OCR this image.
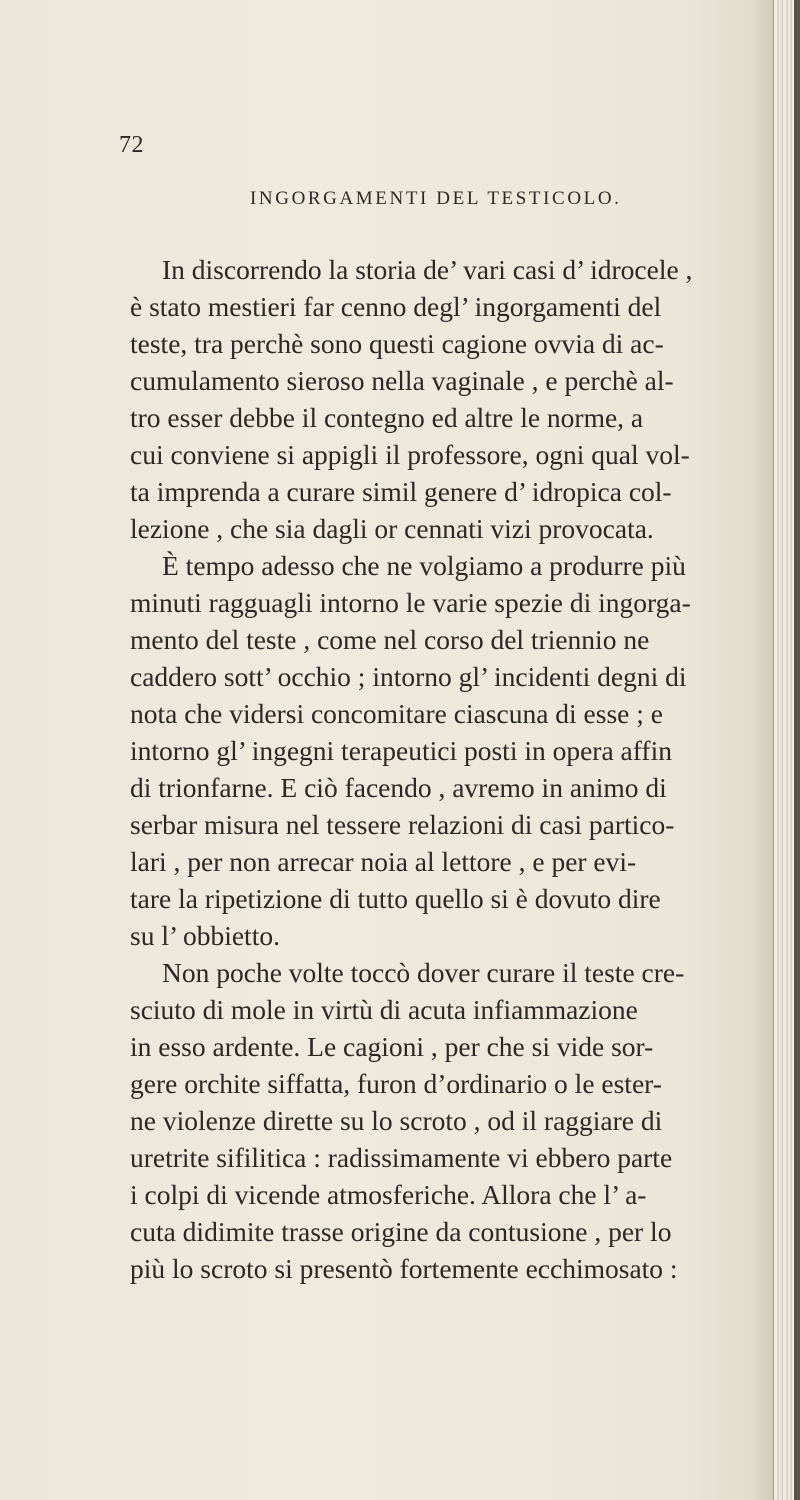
72
INGORGAMENTI DEL TESTICOLO.
In discorrendo la storia de’ vari casi d’ idrocele ,
è stato mestieri far cenno degl’ ingorgamenti del
teste, tra perchè sono questi cagione ovvia di ac-
cumulamento sieroso nella vaginale , e perchè al-
tro esser debbe il contegno ed altre le norme, a
cui conviene si appigli il professore, ogni qual vol-
ta imprenda a curare simil genere d’ idropica col-
lezione , che sia dagli or cennati vizi provocata.
È tempo adesso che ne volgiamo a produrre più
minuti ragguagli intorno le varie spezie di ingorga-
mento del teste , come nel corso del triennio ne
caddero sott’ occhio ; intorno gl’ incidenti degni di
nota che vidersi concomitare ciascuna di esse ; e
intorno gl’ ingegni terapeutici posti in opera affin
di trionfarne. E ciò facendo , avremo in animo di
serbar misura nel tessere relazioni di casi partico-
lari , per non arrecar noia al lettore , e per evi-
tare la ripetizione di tutto quello si è dovuto dire
su l’ obbietto.
Non poche volte toccò dover curare il teste cre-
sciuto di mole in virtù di acuta infiammazione
in esso ardente. Le cagioni , per che si vide sor-
gere orchite siffatta, furon d’ordinario o le ester-
ne violenze dirette su lo scroto , od il raggiare di
uretrite sifilitica : radissimamente vi ebbero parte
i colpi di vicende atmosferiche. Allora che l’ a-
cuta didimite trasse origine da contusione , per lo
più lo scroto si presentò fortemente ecchimosato :
